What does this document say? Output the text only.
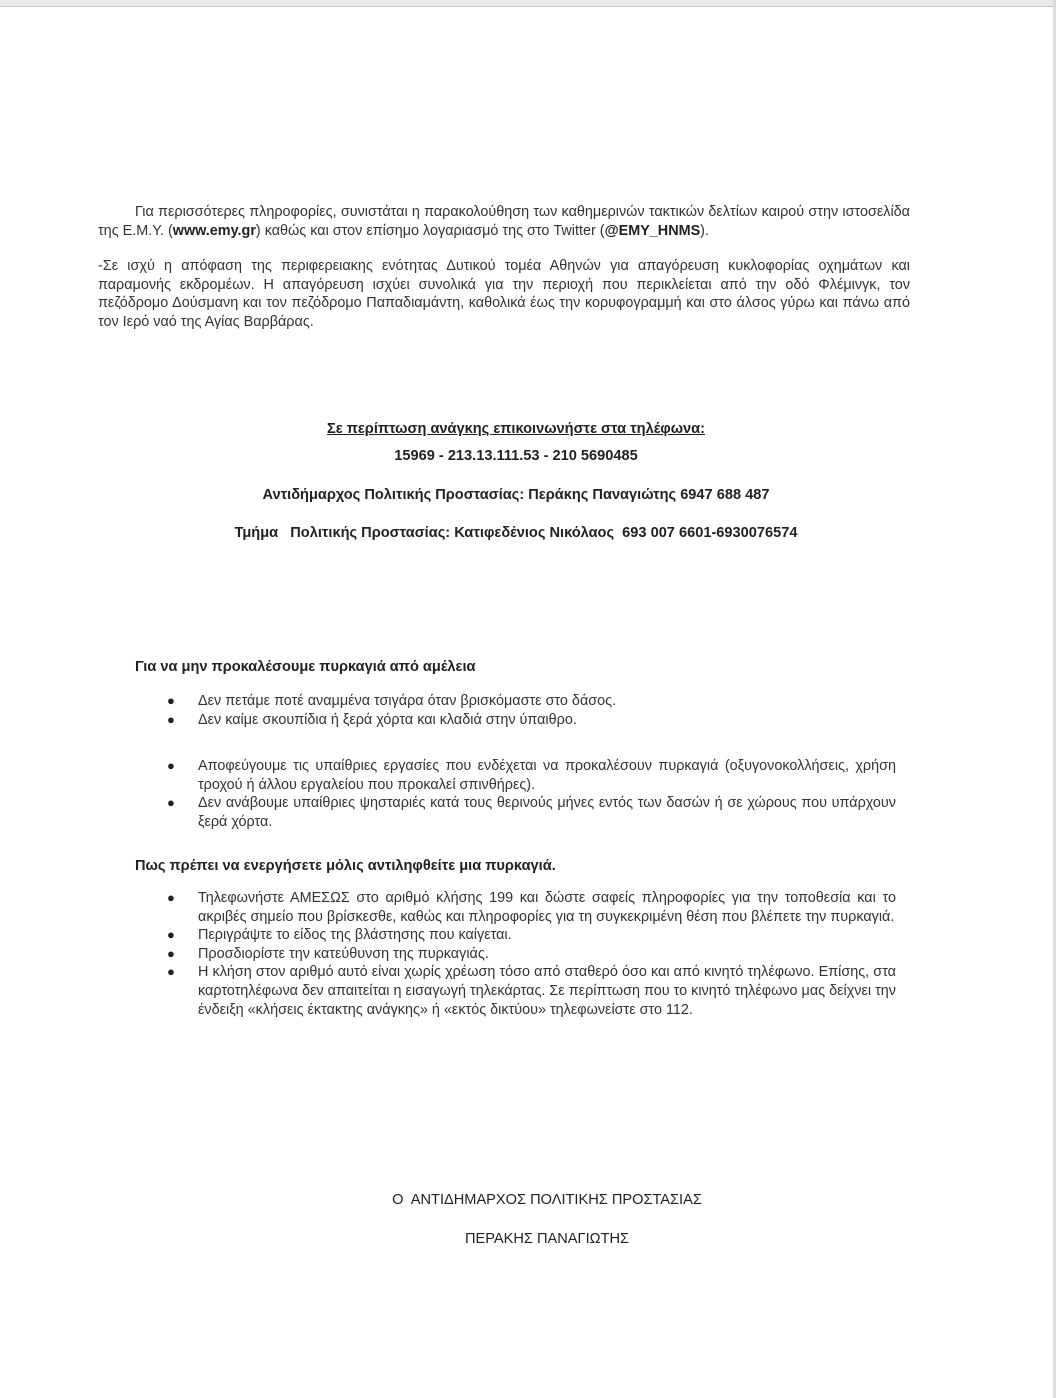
Για περισσότερες πληροφορίες, συνιστάται η παρακολούθηση των καθημερινών τακτικών δελτίων καιρού στην ιστοσελίδα της Ε.Μ.Υ. (www.emy.gr) καθώς και στον επίσημο λογαριασμό της στο Twitter (@EMY_HNMS).

-Σε ισχύ η απόφαση της περιφερειακης ενότητας Δυτικού τομέα Αθηνών για απαγόρευση κυκλοφορίας οχημάτων και παραμονής εκδρομέων. Η απαγόρευση ισχύει συνολικά για την περιοχή που περικλείεται από την οδό Φλέμινγκ, τον πεζόδρομο Δούσμανη και τον πεζόδρομο Παπαδιαμάντη, καθολικά έως την κορυφογραμμή και στο άλσος γύρω και πάνω από τον Ιερό ναό της Αγίας Βαρβάρας.

Σε περίπτωση ανάγκης επικοινωνήστε στα τηλέφωνα:

15969 - 213.13.111.53 - 210 5690485

Αντιδήμαρχος Πολιτικής Προστασίας: Περάκης Παναγιώτης 6947 688 487

Τμήμα   Πολιτικής Προστασίας: Κατιφεδένιος Νικόλαος  693 007 6601-6930076574

Για να μην προκαλέσουμε πυρκαγιά από αμέλεια

● Δεν πετάμε ποτέ αναμμένα τσιγάρα όταν βρισκόμαστε στο δάσος.
● Δεν καίμε σκουπίδια ή ξερά χόρτα και κλαδιά στην ύπαιθρο.
● Αποφεύγουμε τις υπαίθριες εργασίες που ενδέχεται να προκαλέσουν πυρκαγιά (οξυγονοκολλήσεις, χρήση τροχού ή άλλου εργαλείου που προκαλεί σπινθήρες).
● Δεν ανάβουμε υπαίθριες ψησταριές κατά τους θερινούς μήνες εντός των δασών ή σε χώρους που υπάρχουν ξερά χόρτα.

Πως πρέπει να ενεργήσετε μόλις αντιληφθείτε μια πυρκαγιά.

● Τηλεφωνήστε ΑΜΕΣΩΣ στο αριθμό κλήσης 199 και δώστε σαφείς πληροφορίες για την τοποθεσία και το ακριβές σημείο που βρίσκεσθε, καθώς και πληροφορίες για τη συγκεκριμένη θέση που βλέπετε την πυρκαγιά.
● Περιγράψτε το είδος της βλάστησης που καίγεται.
● Προσδιορίστε την κατεύθυνση της πυρκαγιάς.
● Η κλήση στον αριθμό αυτό είναι χωρίς χρέωση τόσο από σταθερό όσο και από κινητό τηλέφωνο. Επίσης, στα καρτοτηλέφωνα δεν απαιτείται η εισαγωγή τηλεκάρτας. Σε περίπτωση που το κινητό τηλέφωνο μας δείχνει την ένδειξη «κλήσεις έκτακτης ανάγκης» ή «εκτός δικτύου» τηλεφωνείστε στο 112.

Ο  ΑΝΤΙΔΗΜΑΡΧΟΣ ΠΟΛΙΤΙΚΗΣ ΠΡΟΣΤΑΣΙΑΣ

ΠΕΡΑΚΗΣ ΠΑΝΑΓΙΩΤΗΣ
